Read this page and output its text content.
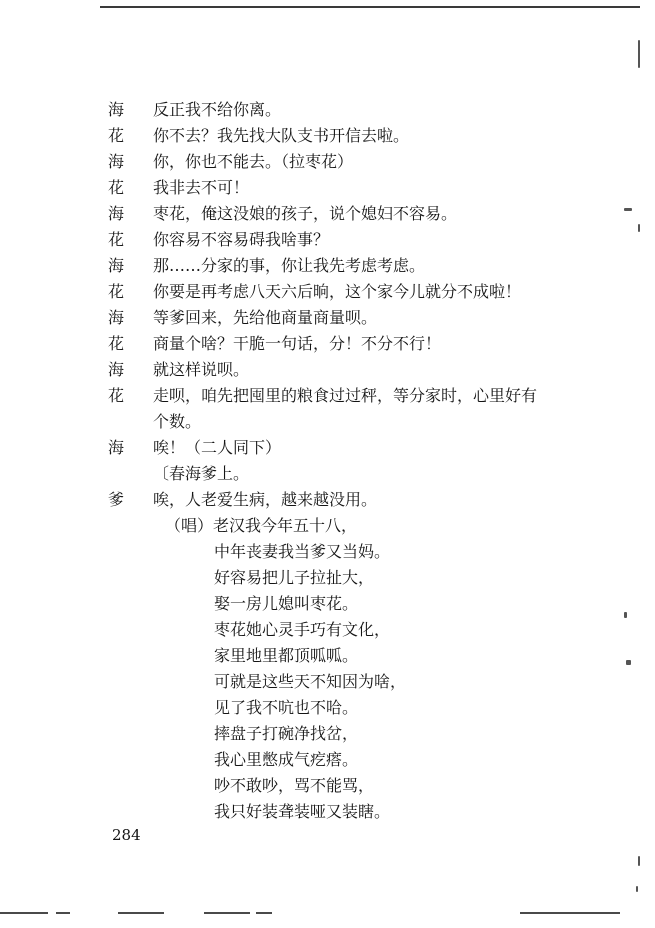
海	反正我不给你离。
花	你不去？我先找大队支书开信去啦。
海	你，你也不能去。（拉枣花）
花	我非去不可！
海	枣花，俺这没娘的孩子，说个媳妇不容易。
花	你容易不容易碍我啥事？
海	那……分家的事，你让我先考虑考虑。
花	你要是再考虑八天六后晌，这个家今儿就分不成啦！
海	等爹回来，先给他商量商量呗。
花	商量个啥？干脆一句话，分！不分不行！
海	就这样说呗。
花	走呗，咱先把囤里的粮食过过秤，等分家时，心里好有
个数。
海	唉！（二人同下）
〔春海爹上。
爹	唉，人老爱生病，越来越没用。
（唱）老汉我今年五十八，
中年丧妻我当爹又当妈。
好容易把儿子拉扯大，
娶一房儿媳叫枣花。
枣花她心灵手巧有文化，
家里地里都顶呱呱。
可就是这些天不知因为啥，
见了我不吭也不哈。
摔盘子打碗净找岔，
我心里憋成气疙瘩。
吵不敢吵，骂不能骂，
我只好装聋装哑又装瞎。
284
